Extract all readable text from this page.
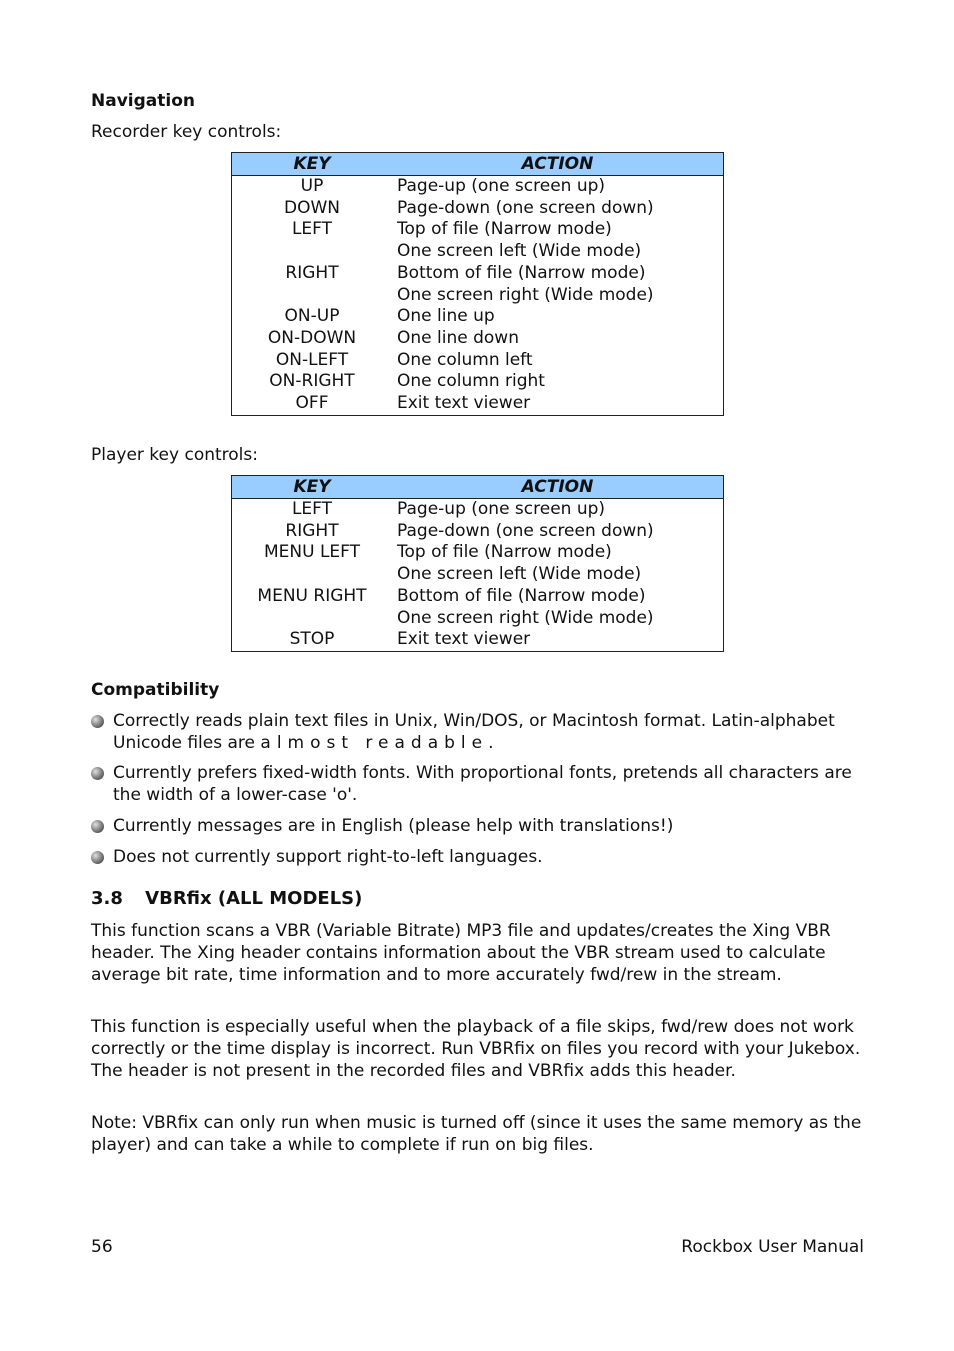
Navigation
Recorder key controls:
KEY	ACTION
UP	Page-up (one screen up)
DOWN	Page-down (one screen down)
LEFT	Top of file (Narrow mode)
	One screen left (Wide mode)
RIGHT	Bottom of file (Narrow mode)
	One screen right (Wide mode)
ON-UP	One line up
ON-DOWN	One line down
ON-LEFT	One column left
ON-RIGHT	One column right
OFF	Exit text viewer
Player key controls:
KEY	ACTION
LEFT	Page-up (one screen up)
RIGHT	Page-down (one screen down)
MENU LEFT	Top of file (Narrow mode)
	One screen left (Wide mode)
MENU RIGHT	Bottom of file (Narrow mode)
	One screen right (Wide mode)
STOP	Exit text viewer
Compatibility
Correctly reads plain text files in Unix, Win/DOS, or Macintosh format. Latin-alphabet Unicode files are almost readable.
Currently prefers fixed-width fonts. With proportional fonts, pretends all characters are the width of a lower-case 'o'.
Currently messages are in English (please help with translations!)
Does not currently support right-to-left languages.
3.8 VBRfix (ALL MODELS)
This function scans a VBR (Variable Bitrate) MP3 file and updates/creates the Xing VBR header. The Xing header contains information about the VBR stream used to calculate average bit rate, time information and to more accurately fwd/rew in the stream.
This function is especially useful when the playback of a file skips, fwd/rew does not work correctly or the time display is incorrect. Run VBRfix on files you record with your Jukebox. The header is not present in the recorded files and VBRfix adds this header.
Note: VBRfix can only run when music is turned off (since it uses the same memory as the player) and can take a while to complete if run on big files.
56	Rockbox User Manual
